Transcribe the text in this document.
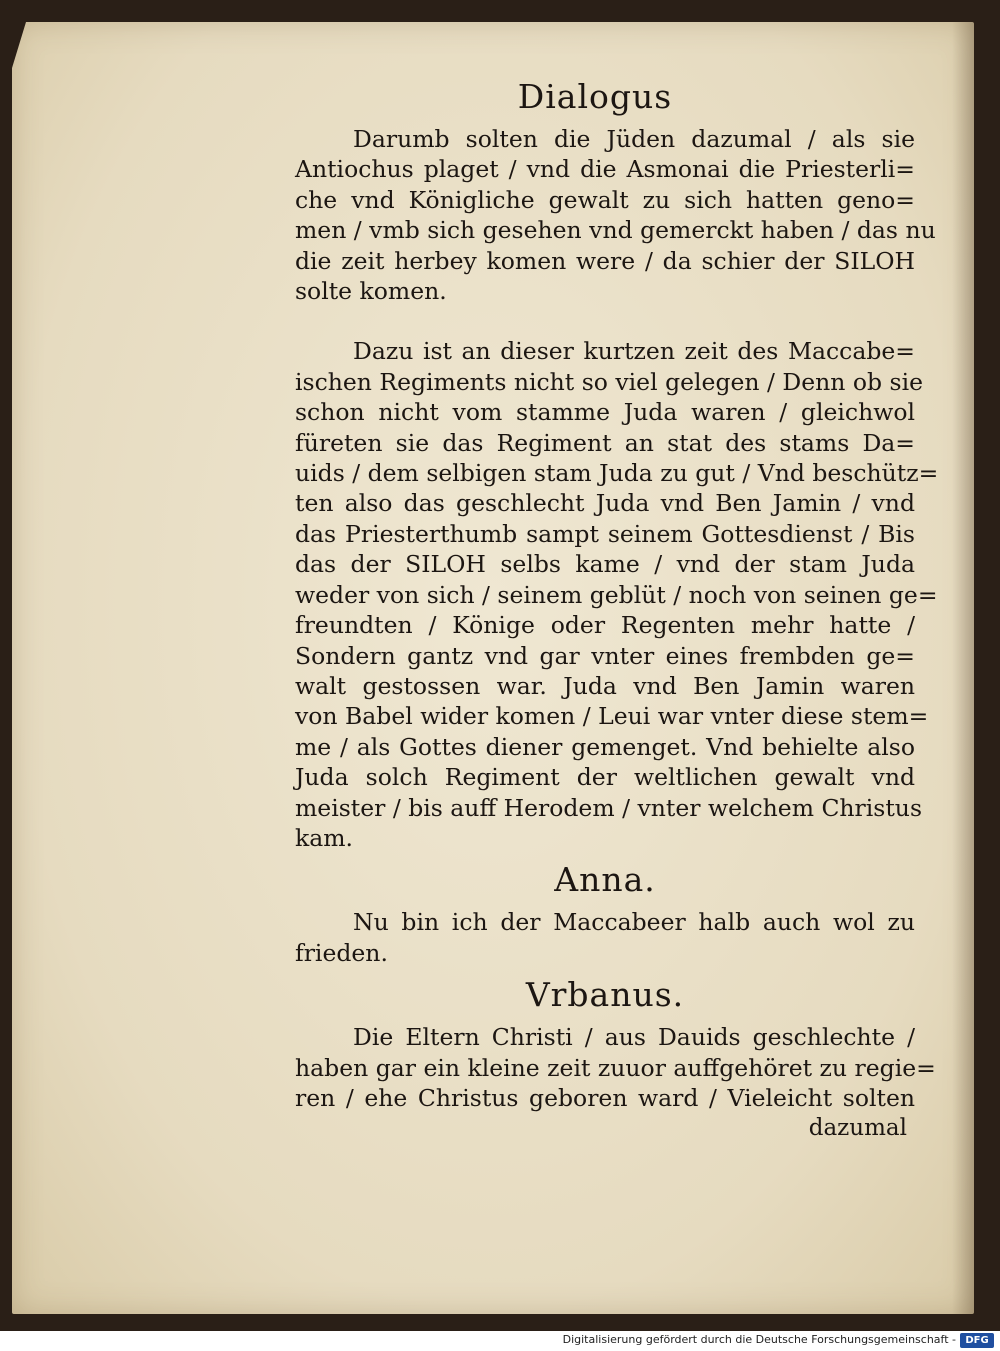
Dialogus
Darumb solten die Jüden dazumal / als sie
Antiochus plaget / vnd die Asmonai die Priesterli=
che vnd Königliche gewalt zu sich hatten geno=
men / vmb sich gesehen vnd gemerckt haben / das nu
die zeit herbey komen were / da schier der SILOH
solte komen.
Dazu ist an dieser kurtzen zeit des Maccabe=
ischen Regiments nicht so viel gelegen / Denn ob sie
schon nicht vom stamme Juda waren / gleichwol
füreten sie das Regiment an stat des stams Da=
uids / dem selbigen stam Juda zu gut / Vnd beschütz=
ten also das geschlecht Juda vnd Ben Jamin / vnd
das Priesterthumb sampt seinem Gottesdienst / Bis
das der SILOH selbs kame / vnd der stam Juda
weder von sich / seinem geblüt / noch von seinen ge=
freundten / Könige oder Regenten mehr hatte /
Sondern gantz vnd gar vnter eines frembden ge=
walt gestossen war. Juda vnd Ben Jamin waren
von Babel wider komen / Leui war vnter diese stem=
me / als Gottes diener gemenget. Vnd behielte also
Juda solch Regiment der weltlichen gewalt vnd
meister / bis auff Herodem / vnter welchem Christus
kam.
Anna.
Nu bin ich der Maccabeer halb auch wol zu
frieden.
Vrbanus.
Die Eltern Christi / aus Dauids geschlechte /
haben gar ein kleine zeit zuuor auffgehöret zu regie=
ren / ehe Christus geboren ward / Vieleicht solten
dazumal
Digitalisierung gefördert durch die Deutsche Forschungsgemeinschaft - DFG
